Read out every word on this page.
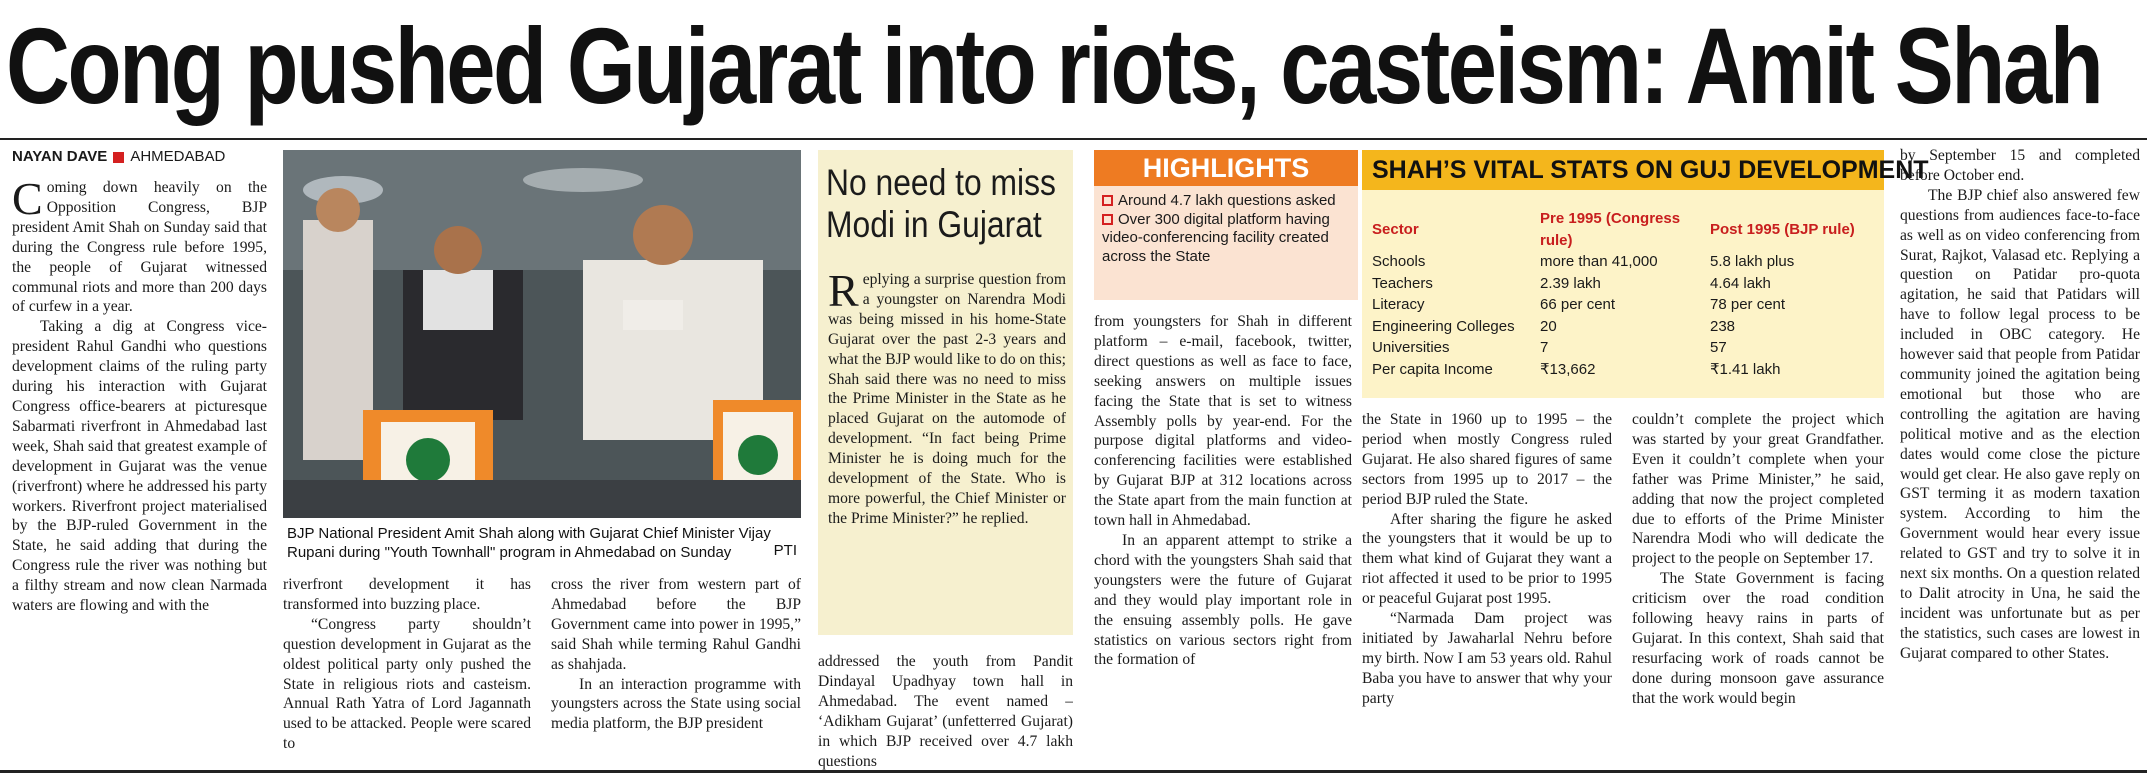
Cong pushed Gujarat into riots, casteism: Amit Shah
NAYAN DAVE AHMEDABAD

Coming down heavily on the Opposition Congress, BJP president Amit Shah on Sunday said that during the Congress rule before 1995, the people of Gujarat witnessed communal riots and more than 200 days of curfew in a year.

Taking a dig at Congress vice-president Rahul Gandhi who questions development claims of the ruling party during his interaction with Gujarat Congress office-bearers at picturesque Sabarmati riverfront in Ahmedabad last week, Shah said that greatest example of development in Gujarat was the venue (riverfront) where he addressed his party workers. Riverfront project materialised by the BJP-ruled Government in the State, he said adding that during the Congress rule the river was nothing but a filthy stream and now clean Narmada waters are flowing and with the

BJP National President Amit Shah along with Gujarat Chief Minister Vijay Rupani during "Youth Townhall" program in Ahmedabad on Sunday	PTI

riverfront development it has transformed into buzzing place.

“Congress party shouldn’t question development in Gujarat as the oldest political party only pushed the State in religious riots and casteism. Annual Rath Yatra of Lord Jagannath used to be attacked. People were scared to

cross the river from western part of Ahmedabad before the BJP Government came into power in 1995,” said Shah while terming Rahul Gandhi as shahjada.

In an interaction programme with youngsters across the State using social media platform, the BJP president

No need to miss
Modi in Gujarat

Replying a surprise question from a youngster on Narendra Modi was being missed in his home-State Gujarat over the past 2-3 years and what the BJP would like to do on this; Shah said there was no need to miss the Prime Minister in the State as he placed Gujarat on the automode of development. “In fact being Prime Minister he is doing much for the development of the State. Who is more powerful, the Chief Minister or the Prime Minister?” he replied.

addressed the youth from Pandit Dindayal Upadhyay town hall in Ahmedabad. The event named – ‘Adikham Gujarat’ (unfetterred Gujarat) in which BJP received over 4.7 lakh questions

HIGHLIGHTS
Around 4.7 lakh questions asked
Over 300 digital platform having video-conferencing facility created across the State

from youngsters for Shah in different platform – e-mail, facebook, twitter, direct questions as well as face to face, seeking answers on multiple issues facing the State that is set to witness Assembly polls by year-end. For the purpose digital platforms and video-conferencing facilities were established by Gujarat BJP at 312 locations across the State apart from the main function at town hall in Ahmedabad.

In an apparent attempt to strike a chord with the youngsters Shah said that youngsters were the future of Gujarat and they would play important role in the ensuing assembly polls. He gave statistics on various sectors right from the formation of

SHAH’S VITAL STATS ON GUJ DEVELOPMENT
Sector	Pre 1995 (Congress rule)	Post 1995 (BJP rule)
Schools	more than 41,000	5.8 lakh plus
Teachers	2.39 lakh	4.64 lakh
Literacy	66 per cent	78 per cent
Engineering Colleges	20	238
Universities	7	57
Per capita Income	₹13,662	₹1.41 lakh

the State in 1960 up to 1995 – the period when mostly Congress ruled Gujarat. He also shared figures of same sectors from 1995 up to 2017 – the period BJP ruled the State.

After sharing the figure he asked the youngsters that it would be up to them what kind of Gujarat they want a riot affected it used to be prior to 1995 or peaceful Gujarat post 1995.

“Narmada Dam project was initiated by Jawaharlal Nehru before my birth. Now I am 53 years old. Rahul Baba you have to answer that why your party

couldn’t complete the project which was started by your great Grandfather. Even it couldn’t complete when your father was Prime Minister,” he said, adding that now the project completed due to efforts of the Prime Minister Narendra Modi who will dedicate the project to the people on September 17.

The State Government is facing criticism over the road condition following heavy rains in parts of Gujarat. In this context, Shah said that resurfacing work of roads cannot be done during monsoon gave assurance that the work would begin

by September 15 and completed before October end.

The BJP chief also answered few questions from audiences face-to-face as well as on video conferencing from Surat, Rajkot, Valasad etc. Replying a question on Patidar pro-quota agitation, he said that Patidars will have to follow legal process to be included in OBC category. He however said that people from Patidar community joined the agitation being emotional but those who are controlling the agitation are having political motive and as the election dates would come close the picture would get clear. He also gave reply on GST terming it as modern taxation system. According to him the Government would hear every issue related to GST and try to solve it in next six months. On a question related to Dalit atrocity in Una, he said the incident was unfortunate but as per the statistics, such cases are lowest in Gujarat compared to other States.
